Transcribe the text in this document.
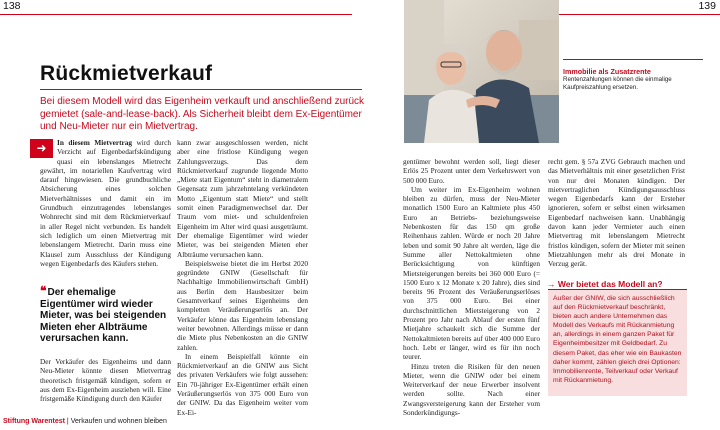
138	139
Rückmietverkauf

Bei diesem Modell wird das Eigenheim verkauft und anschließend zurück gemietet (sale-and-lease-back). Als Sicherheit bleibt dem Ex-Eigentümer und Neu-Mieter nur ein Mietvertrag.

➜	In diesem Mietvertrag wird durch Verzicht auf Eigenbedarfskündigung quasi ein lebenslanges Mietrecht gewährt, im notariellen Kaufvertrag wird darauf hingewiesen. Die grundbuchliche Absicherung eines solchen Mietverhältnisses und damit ein im Grundbuch einzutragendes lebenslanges Wohnrecht sind mit dem Rückmietverkauf in aller Regel nicht verbunden. Es handelt sich lediglich um einen Mietvertrag mit lebenslangem Mietrecht. Darin muss eine Klausel zum Ausschluss der Kündigung wegen Eigenbedarfs des Käufers stehen.

❝Der ehemalige Eigentümer wird wieder Mieter, was bei steigenden Mieten eher Albträume verursachen kann.

Der Verkäufer des Eigenheims und dann Neu-Mieter könnte diesen Mietvertrag theoretisch fristgemäß kündigen, sofern er aus dem Ex-Eigenheim ausziehen will. Eine fristgemäße Kündigung durch den Käufer

kann zwar ausgeschlossen werden, nicht aber eine fristlose Kündigung wegen Zahlungsverzugs. Das dem Rückmietverkauf zugrunde liegende Motto „Miete statt Eigentum“ steht in diametralem Gegensatz zum jahrzehntelang verkündeten Motto „Eigentum statt Miete“ und stellt somit einen Paradigmenwechsel dar. Der Traum vom miet- und schuldenfreien Eigenheim im Alter wird quasi ausgeträumt. Der ehemalige Eigentümer wird wieder Mieter, was bei steigenden Mieten eher Albträume verursachen kann.

Beispielsweise bietet die im Herbst 2020 gegründete GNIW (Gesellschaft für Nachhaltige Immobilienwirtschaft GmbH) aus Berlin dem Hausbesitzer beim Gesamtverkauf seines Eigenheims den kompletten Veräußerungserlös an. Der Verkäufer könne das Eigenheim lebenslang weiter bewohnen. Allerdings müsse er dann die Miete plus Nebenkosten an die GNIW zahlen.

In einem Beispielfall könnte ein Rückmietverkauf an die GNIW aus Sicht des privaten Verkäufers wie folgt aussehen: Ein 70-jähriger Ex-Eigentümer erhält einen Veräußerungserlös von 375 000 Euro von der GNIW. Da das Eigenheim weiter vom Ex-Ei-

Immobilie als Zusatzrente
Rentenzahlungen können die einmalige Kaufpreiszahlung ersetzen.

gentümer bewohnt werden soll, liegt dieser Erlös 25 Prozent unter dem Verkehrswert von 500 000 Euro.

Um weiter im Ex-Eigenheim wohnen bleiben zu dürfen, muss der Neu-Mieter monatlich 1500 Euro an Kaltmiete plus 450 Euro an Betriebs- beziehungsweise Nebenkosten für das 150 qm große Reihenhaus zahlen. Würde er noch 20 Jahre leben und somit 90 Jahre alt werden, läge die Summe aller Nettokaltmieten ohne Berücksichtigung von künftigen Mietsteigerungen bereits bei 360 000 Euro (= 1500 Euro x 12 Monate x 20 Jahre), dies sind bereits 96 Prozent des Veräußerungserlöses von 375 000 Euro. Bei einer durchschnittlichen Mietsteigerung von 2 Prozent pro Jahr nach Ablauf der ersten fünf Mietjahre schaukelt sich die Summe der Nettokaltmieten bereits auf über 400 000 Euro hoch. Lebt er länger, wird es für ihn noch teurer.

Hinzu treten die Risiken für den neuen Mieter, wenn die GNIW oder bei einem Weiterverkauf der neue Erwerber insolvent werden sollte. Nach einer Zwangsversteigerung kann der Ersteher vom Sonderkündigungs-

recht gem. § 57a ZVG Gebrauch machen und das Mietverhältnis mit einer gesetzlichen Frist von nur drei Monaten kündigen. Der mietvertraglichen Kündigungsausschluss wegen Eigenbedarfs kann der Ersteher ignorieren, sofern er selbst einen wirksamen Eigenbedarf nachweisen kann. Unabhängig davon kann jeder Vermieter auch einen Mietvertrag mit lebenslangem Mietrecht fristlos kündigen, sofern der Mieter mit seinen Mietzahlungen mehr als drei Monate in Verzug gerät.

→ Wer bietet das Modell an?
Außer der GNIW, die sich ausschließlich auf den Rückmietverkauf beschränkt, bieten auch andere Unternehmen das Modell des Verkaufs mit Rückanmietung an, allerdings in einem ganzen Paket für Eigenheimbesitzer mit Geldbedarf. Zu diesem Paket, das eher wie ein Baukasten daher kommt, zählen gleich drei Optionen: Immobilienrente, Teilverkauf oder Verkauf mit Rückanmietung.
Stiftung Warentest | Verkaufen und wohnen bleiben
